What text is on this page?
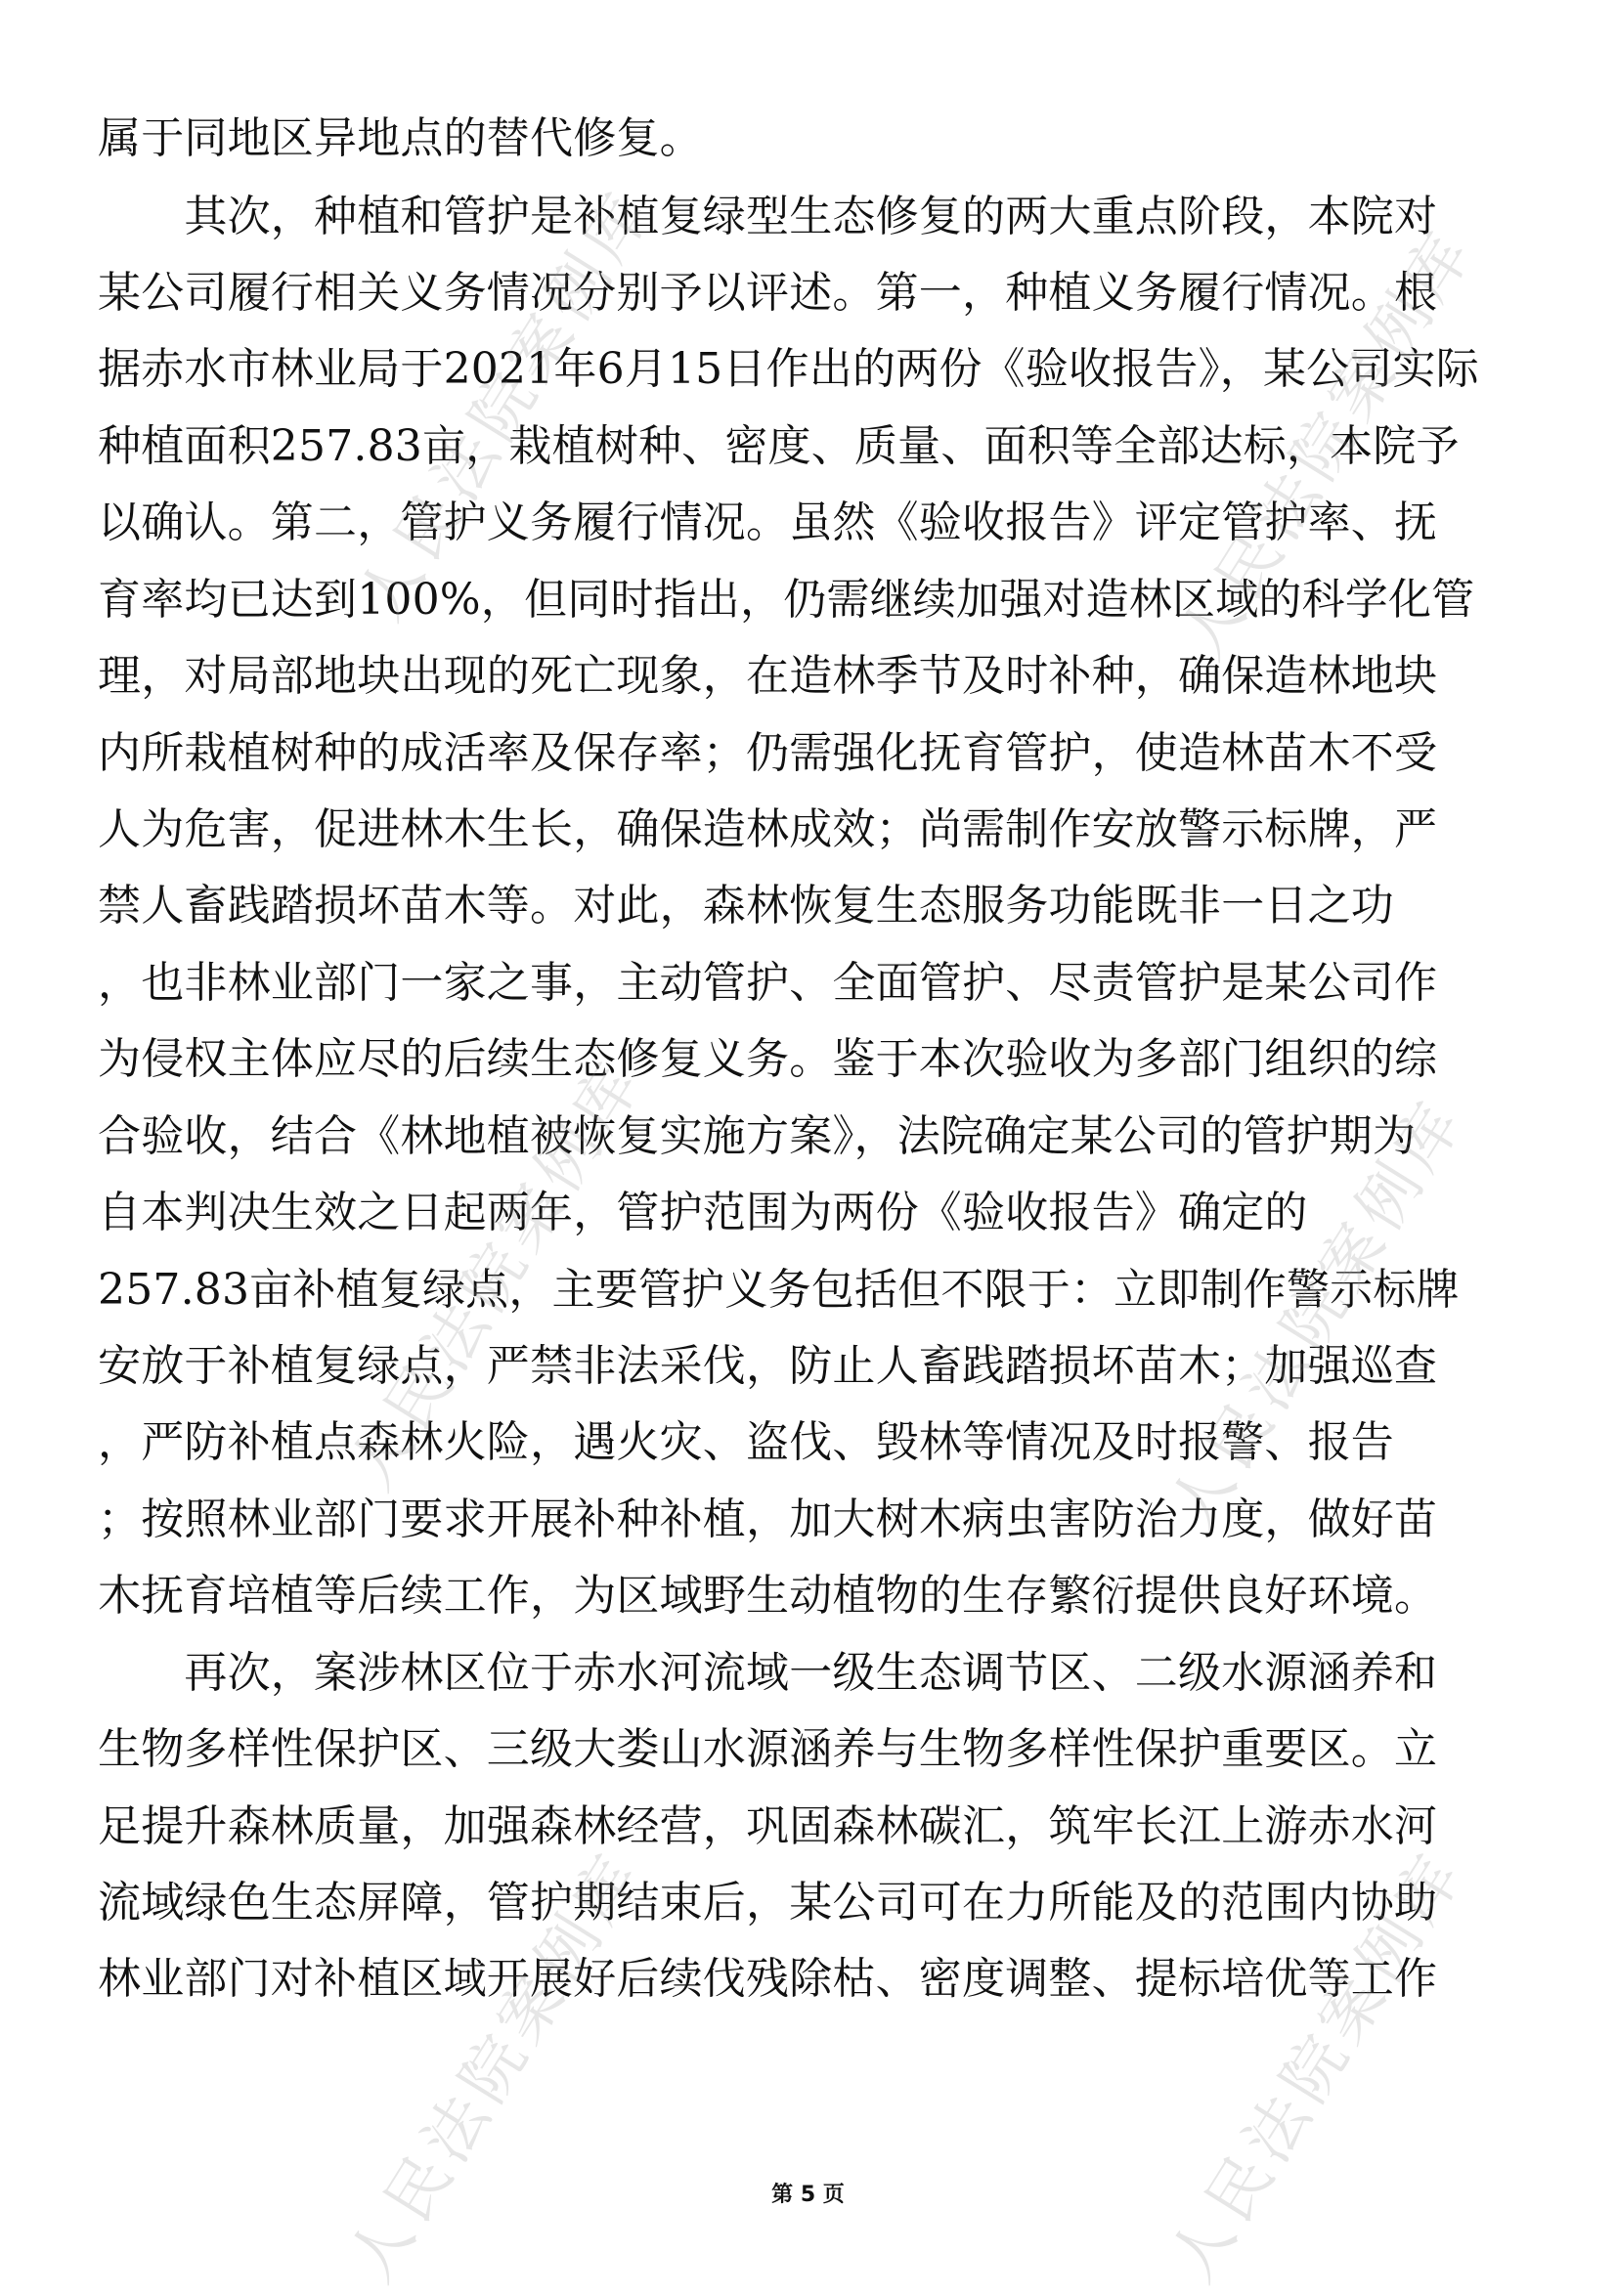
属于同地区异地点的替代修复。
　　其次，种植和管护是补植复绿型生态修复的两大重点阶段，本院对
某公司履行相关义务情况分别予以评述。第一，种植义务履行情况。根
据赤水市林业局于2021年6月15日作出的两份《验收报告》，某公司实际
种植面积257.83亩，栽植树种、密度、质量、面积等全部达标，本院予
以确认。第二，管护义务履行情况。虽然《验收报告》评定管护率、抚
育率均已达到100%，但同时指出，仍需继续加强对造林区域的科学化管
理，对局部地块出现的死亡现象，在造林季节及时补种，确保造林地块
内所栽植树种的成活率及保存率；仍需强化抚育管护，使造林苗木不受
人为危害，促进林木生长，确保造林成效；尚需制作安放警示标牌，严
禁人畜践踏损坏苗木等。对此，森林恢复生态服务功能既非一日之功
，也非林业部门一家之事，主动管护、全面管护、尽责管护是某公司作
为侵权主体应尽的后续生态修复义务。鉴于本次验收为多部门组织的综
合验收，结合《林地植被恢复实施方案》，法院确定某公司的管护期为
自本判决生效之日起两年，管护范围为两份《验收报告》确定的
257.83亩补植复绿点，主要管护义务包括但不限于：立即制作警示标牌
安放于补植复绿点，严禁非法采伐，防止人畜践踏损坏苗木；加强巡查
，严防补植点森林火险，遇火灾、盗伐、毁林等情况及时报警、报告
；按照林业部门要求开展补种补植，加大树木病虫害防治力度，做好苗
木抚育培植等后续工作，为区域野生动植物的生存繁衍提供良好环境。
　　再次，案涉林区位于赤水河流域一级生态调节区、二级水源涵养和
生物多样性保护区、三级大娄山水源涵养与生物多样性保护重要区。立
足提升森林质量，加强森林经营，巩固森林碳汇，筑牢长江上游赤水河
流域绿色生态屏障，管护期结束后，某公司可在力所能及的范围内协助
林业部门对补植区域开展好后续伐残除枯、密度调整、提标培优等工作
人民法院案例库	人民法院案例库
人民法院案例库	人民法院案例库
人民法院案例库	人民法院案例库
第 5 页
